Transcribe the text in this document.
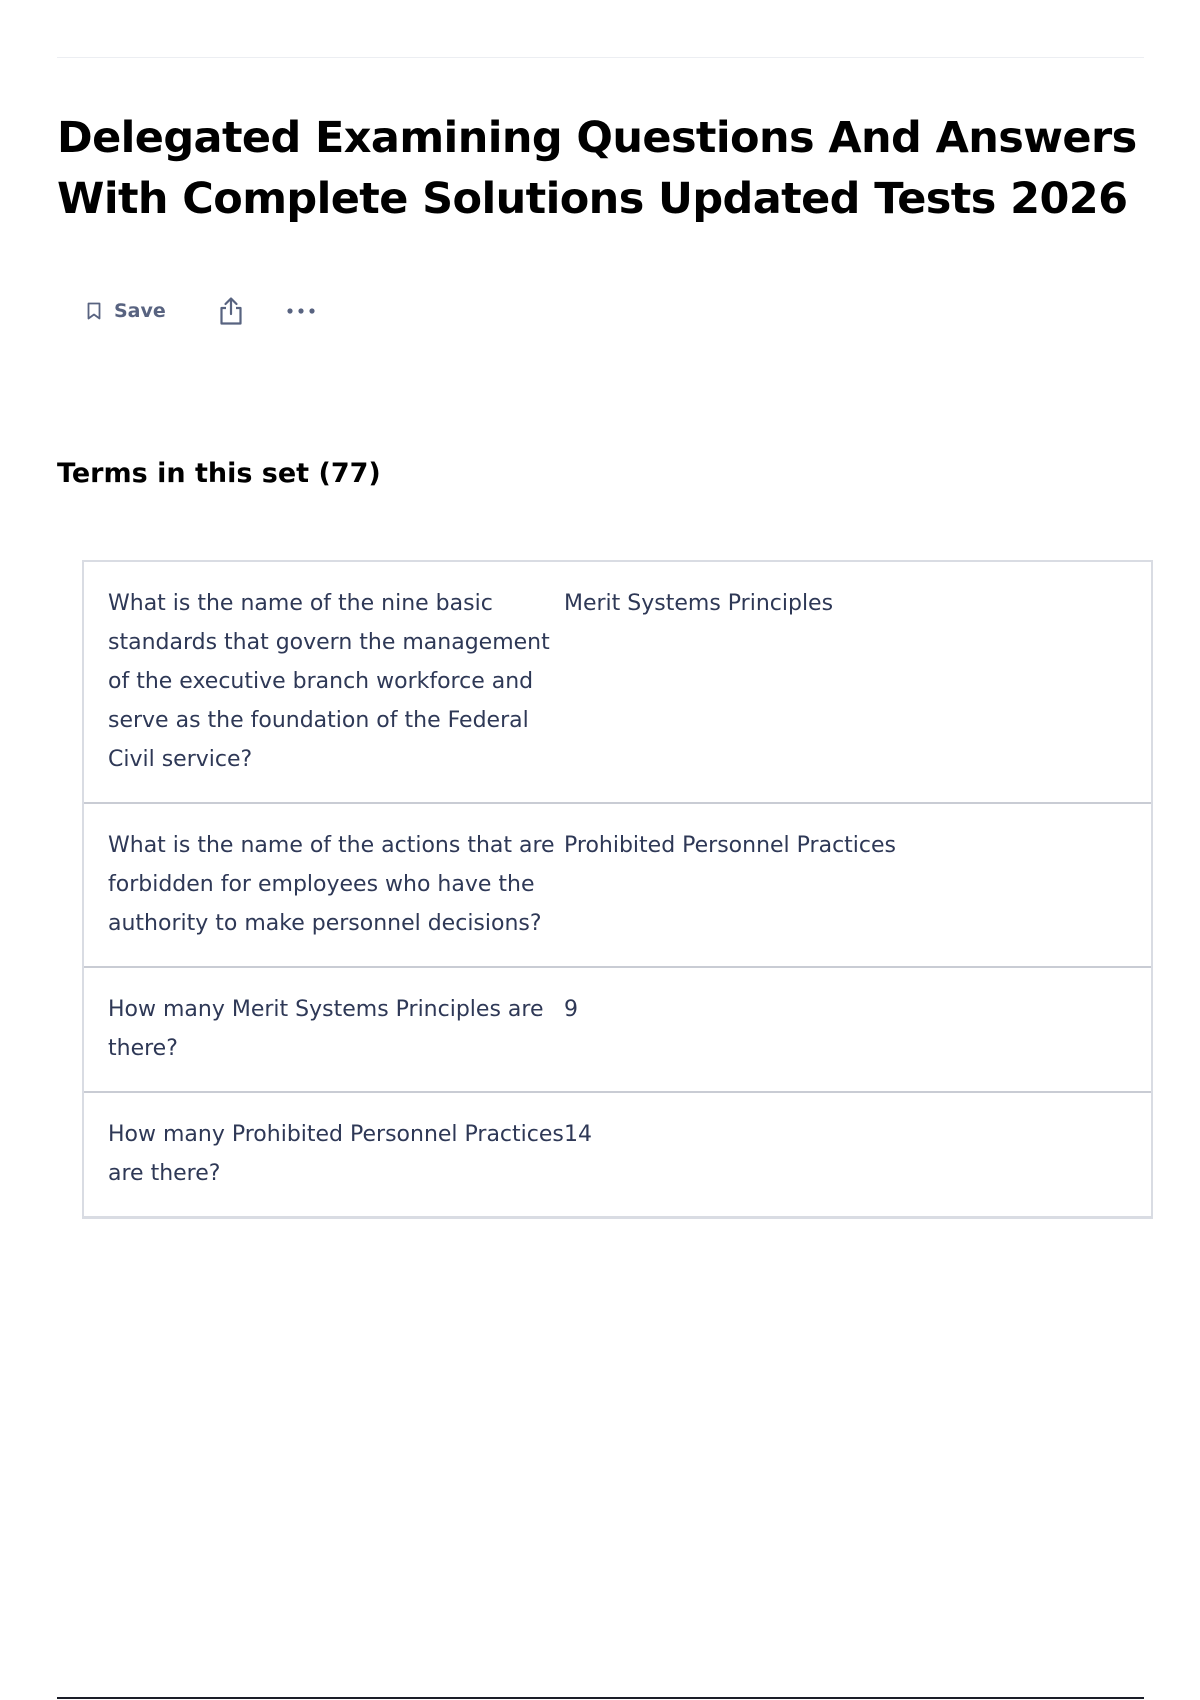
Delegated Examining Questions And Answers With Complete Solutions Updated Tests 2026
Save
Terms in this set (77)
What is the name of the nine basic standards that govern the management of the executive branch workforce and serve as the foundation of the Federal Civil service?
Merit Systems Principles
What is the name of the actions that are forbidden for employees who have the authority to make personnel decisions?
Prohibited Personnel Practices
How many Merit Systems Principles are there?
9
How many Prohibited Personnel Practices are there?
14
